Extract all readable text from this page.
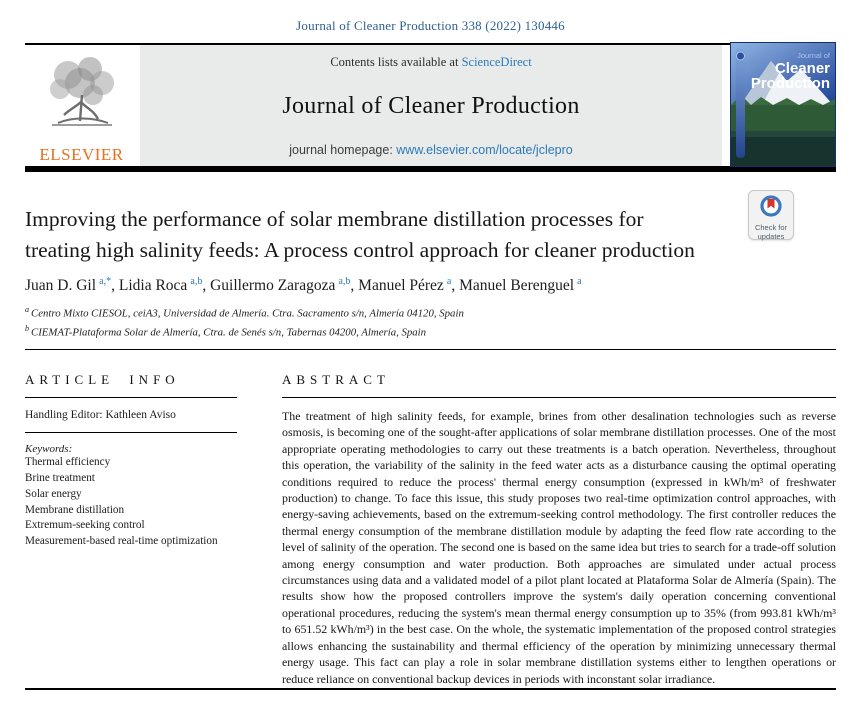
Journal of Cleaner Production 338 (2022) 130446
ELSEVIER
Contents lists available at ScienceDirect
Journal of Cleaner Production
journal homepage: www.elsevier.com/locate/jclepro
Journal of
Cleaner
Production
Improving the performance of solar membrane distillation processes for treating high salinity feeds: A process control approach for cleaner production
Check for
updates
Juan D. Gil  $^{a,*}$ , Lidia Roca  $^{a,b}$ , Guillermo Zaragoza  $^{a,b}$ , Manuel Pérez  $^a$ , Manuel Berenguel  $^a$
$^a$ Centro Mixto CIESOL, ceiA3, Universidad de Almería. Ctra. Sacramento s/n, Almería 04120, Spain
$^b$ CIEMAT-Plataforma Solar de Almería, Ctra. de Senés s/n, Tabernas 04200, Almería, Spain
ARTICLE INFO
Handling Editor: Kathleen Aviso
Keywords:
Thermal efficiency
Brine treatment
Solar energy
Membrane distillation
Extremum-seeking control
Measurement-based real-time optimization
ABSTRACT

The treatment of high salinity feeds, for example, brines from other desalination technologies such as reverse osmosis, is becoming one of the sought-after applications of solar membrane distillation processes. One of the most appropriate operating methodologies to carry out these treatments is a batch operation. Nevertheless, throughout this operation, the variability of the salinity in the feed water acts as a disturbance causing the optimal operating conditions required to reduce the process' thermal energy consumption (expressed in kWh/m³ of freshwater production) to change. To face this issue, this study proposes two real-time optimization control approaches, with energy-saving achievements, based on the extremum-seeking control methodology. The first controller reduces the thermal energy consumption of the membrane distillation module by adapting the feed flow rate according to the level of salinity of the operation. The second one is based on the same idea but tries to search for a trade-off solution among energy consumption and water production. Both approaches are simulated under actual process circumstances using data and a validated model of a pilot plant located at Plataforma Solar de Almería (Spain). The results show how the proposed controllers improve the system's daily operation concerning conventional operational procedures, reducing the system's mean thermal energy consumption up to 35% (from 993.81 kWh/m³ to 651.52 kWh/m³) in the best case. On the whole, the systematic implementation of the proposed control strategies allows enhancing the sustainability and thermal efficiency of the operation by minimizing unnecessary thermal energy usage. This fact can play a role in solar membrane distillation systems either to lengthen operations or reduce reliance on conventional backup devices in periods with inconstant solar irradiance.
